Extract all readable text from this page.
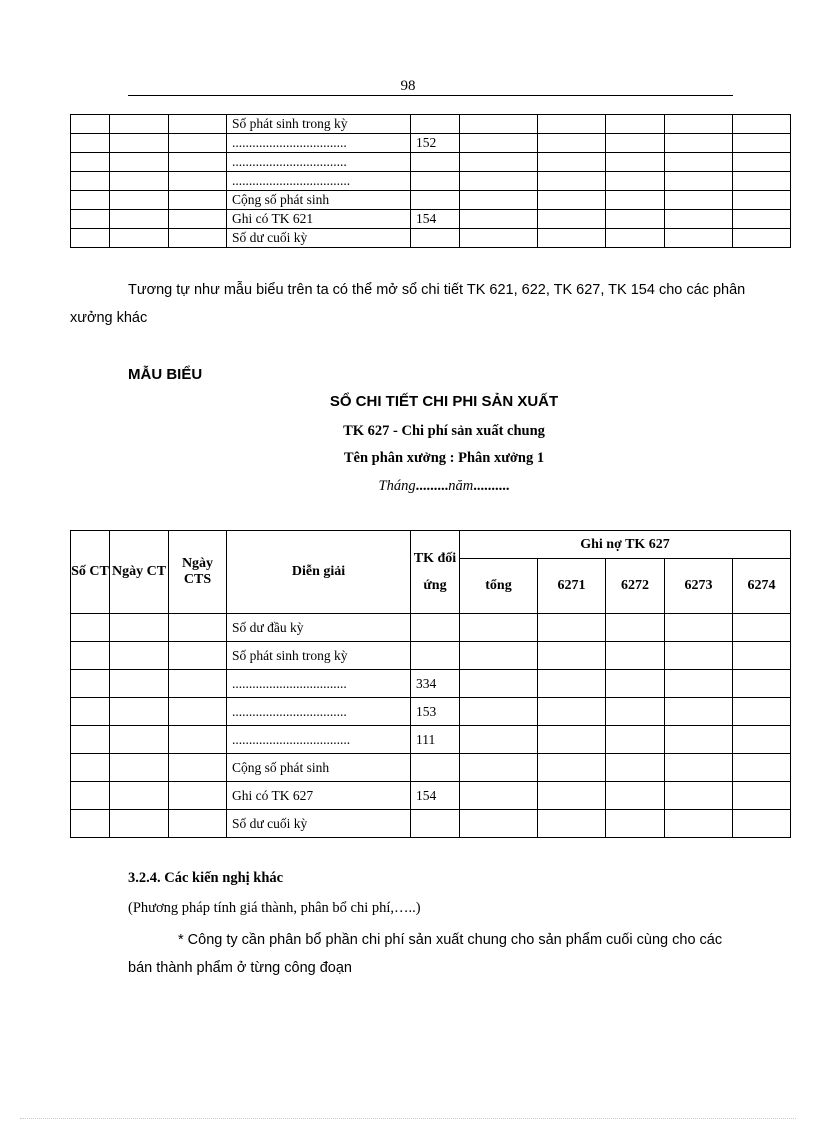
98
			Số phát sinh trong kỳ						
			..................................	152					
			..................................						
			...................................						
			Cộng số phát sinh						
			Ghi có TK 621	154					
			Số dư cuối kỳ						
Tương tự như mẫu biểu trên ta có thể mở sổ chi tiết TK 621, 622, TK 627, TK 154 cho các phân xưởng khác
MẪU BIỂU
SỔ CHI TIẾT CHI PHI SẢN XUẤT
TK 627 - Chi phí sản xuất chung
Tên phân xưởng : Phân xưởng 1
Tháng.........năm..........
Số CT	Ngày CT	Ngày CTS	Diễn giải	TK đối ứng	Ghi nợ TK 627				
					tổng	6271	6272	6273	6274
			Số dư đầu kỳ						
			Số phát sinh trong kỳ						
			..................................	334					
			..................................	153					
			...................................	111					
			Cộng số phát sinh						
			Ghi có TK 627	154					
			Số dư cuối kỳ						
3.2.4. Các kiến nghị khác
(Phương pháp tính giá thành, phân bổ chi phí,…..)
* Công ty cần phân bổ phần chi phí sản xuất chung cho sản phẩm cuối cùng cho các bán thành phẩm ở từng công đoạn
